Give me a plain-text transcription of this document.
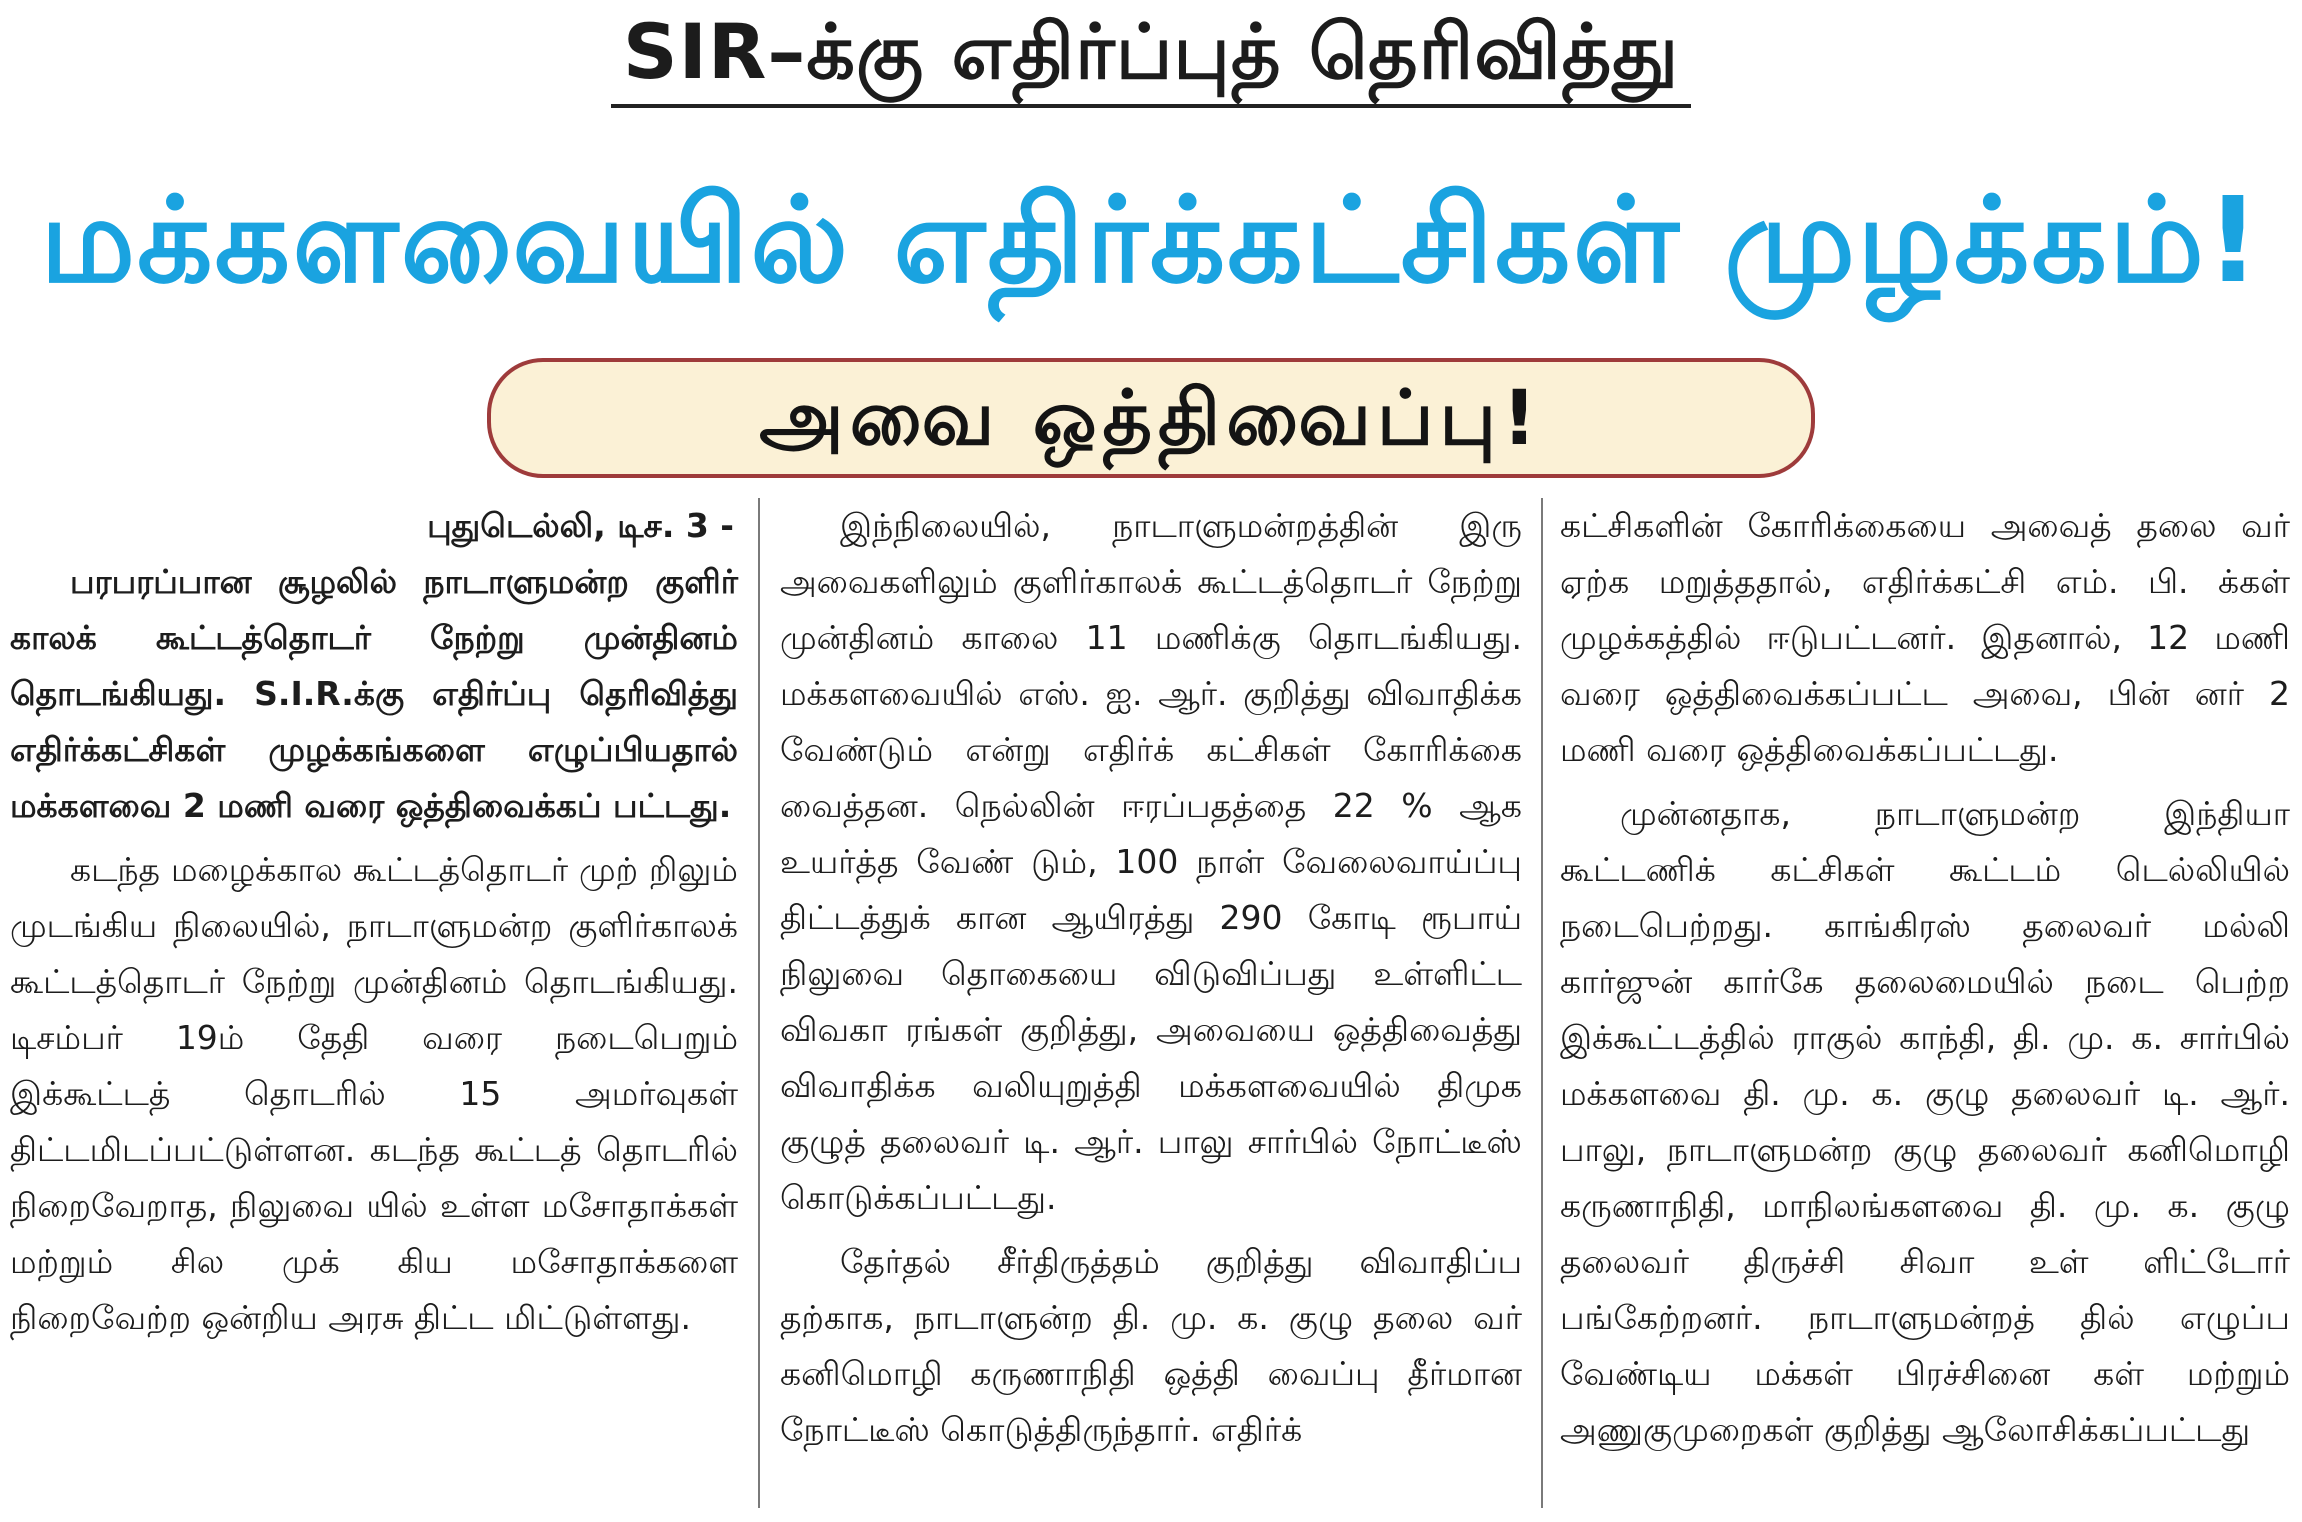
SIR–க்கு எதிர்ப்புத் தெரிவித்து
மக்களவையில் எதிர்க்கட்சிகள் முழக்கம்!
அவை ஒத்திவைப்பு!
புதுடெல்லி, டிச. 3 -

பரபரப்பான சூழலில் நாடாளுமன்ற குளிர் காலக் கூட்டத்தொடர் நேற்று முன்தினம் தொடங்கியது. S.I.R.க்கு எதிர்ப்பு தெரிவித்து எதிர்க்கட்சிகள் முழக்கங்களை எழுப்பியதால் மக்களவை 2 மணி வரை ஒத்திவைக்கப் பட்டது.

கடந்த மழைக்கால கூட்டத்தொடர் முற் றிலும் முடங்கிய நிலையில், நாடாளுமன்ற குளிர்காலக் கூட்டத்தொடர் நேற்று முன்தினம் தொடங்கியது. டிசம்பர் 19ம் தேதி வரை நடைபெறும் இக்கூட்டத் தொடரில் 15 அமர்வுகள் திட்டமிடப்பட்டுள்ளன. கடந்த கூட்டத் தொடரில் நிறைவேறாத, நிலுவை யில் உள்ள மசோதாக்கள் மற்றும் சில முக் கிய மசோதாக்களை நிறைவேற்ற ஒன்றிய அரசு திட்ட மிட்டுள்ளது.

இந்நிலையில், நாடாளுமன்றத்தின் இரு அவைகளிலும் குளிர்காலக் கூட்டத்தொடர் நேற்று முன்தினம் காலை 11 மணிக்கு தொடங்கியது. மக்களவையில் எஸ். ஐ. ஆர். குறித்து விவாதிக்க வேண்டும் என்று எதிர்க் கட்சிகள் கோரிக்கை வைத்தன. நெல்லின் ஈரப்பதத்தை 22 % ஆக உயர்த்த வேண் டும், 100 நாள் வேலைவாய்ப்பு திட்டத்துக் கான ஆயிரத்து 290 கோடி ரூபாய் நிலுவை தொகையை விடுவிப்பது உள்ளிட்ட விவகா ரங்கள் குறித்து, அவையை ஒத்திவைத்து விவாதிக்க வலியுறுத்தி மக்களவையில் திமுக குழுத் தலைவர் டி. ஆர். பாலு சார்பில் நோட்டீஸ் கொடுக்கப்பட்டது.

தேர்தல் சீர்திருத்தம் குறித்து விவாதிப்ப தற்காக, நாடாளுன்ற தி. மு. க. குழு தலை வர் கனிமொழி கருணாநிதி ஒத்தி வைப்பு தீர்மான நோட்டீஸ் கொடுத்திருந்தார். எதிர்க்

கட்சிகளின் கோரிக்கையை அவைத் தலை வர் ஏற்க மறுத்ததால், எதிர்க்கட்சி எம். பி. க்கள் முழக்கத்தில் ஈடுபட்டனர். இதனால், 12 மணி வரை ஒத்திவைக்கப்பட்ட அவை, பின் னர் 2 மணி வரை ஒத்திவைக்கப்பட்டது.

முன்னதாக, நாடாளுமன்ற இந்தியா கூட்டணிக் கட்சிகள் கூட்டம் டெல்லியில் நடைபெற்றது. காங்கிரஸ் தலைவர் மல்லி கார்ஜுன் கார்கே தலைமையில் நடை பெற்ற இக்கூட்டத்தில் ராகுல் காந்தி, தி. மு. க. சார்பில் மக்களவை தி. மு. க. குழு தலைவர் டி. ஆர். பாலு, நாடாளுமன்ற குழு தலைவர் கனிமொழி கருணாநிதி, மாநிலங்களவை தி. மு. க. குழு தலைவர் திருச்சி சிவா உள் ளிட்டோர் பங்கேற்றனர். நாடாளுமன்றத் தில் எழுப்ப வேண்டிய மக்கள் பிரச்சினை கள் மற்றும் அணுகுமுறைகள் குறித்து ஆலோசிக்கப்பட்டது
